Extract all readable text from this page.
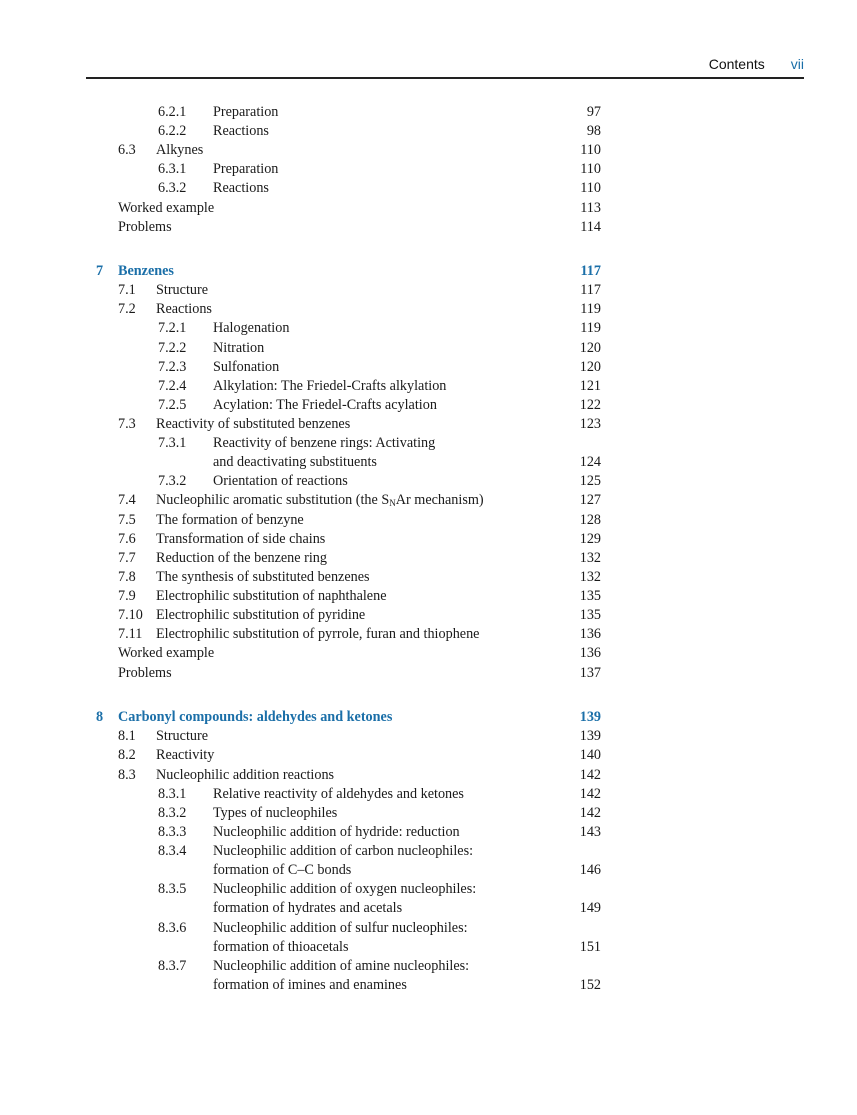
Contents vii
6.2.1 Preparation	97
6.2.2 Reactions	98
6.3 Alkynes	110
6.3.1 Preparation	110
6.3.2 Reactions	110
Worked example	113
Problems	114
7 Benzenes	117
7.1 Structure	117
7.2 Reactions	119
7.2.1 Halogenation	119
7.2.2 Nitration	120
7.2.3 Sulfonation	120
7.2.4 Alkylation: The Friedel-Crafts alkylation	121
7.2.5 Acylation: The Friedel-Crafts acylation	122
7.3 Reactivity of substituted benzenes	123
7.3.1 Reactivity of benzene rings: Activating
and deactivating substituents	124
7.3.2 Orientation of reactions	125
7.4 Nucleophilic aromatic substitution (the $S_NAr$ mechanism)	127
7.5 The formation of benzyne	128
7.6 Transformation of side chains	129
7.7 Reduction of the benzene ring	132
7.8 The synthesis of substituted benzenes	132
7.9 Electrophilic substitution of naphthalene	135
7.10 Electrophilic substitution of pyridine	135
7.11 Electrophilic substitution of pyrrole, furan and thiophene	136
Worked example	136
Problems	137
8 Carbonyl compounds: aldehydes and ketones	139
8.1 Structure	139
8.2 Reactivity	140
8.3 Nucleophilic addition reactions	142
8.3.1 Relative reactivity of aldehydes and ketones	142
8.3.2 Types of nucleophiles	142
8.3.3 Nucleophilic addition of hydride: reduction	143
8.3.4 Nucleophilic addition of carbon nucleophiles:
formation of C–C bonds	146
8.3.5 Nucleophilic addition of oxygen nucleophiles:
formation of hydrates and acetals	149
8.3.6 Nucleophilic addition of sulfur nucleophiles:
formation of thioacetals	151
8.3.7 Nucleophilic addition of amine nucleophiles:
formation of imines and enamines	152
